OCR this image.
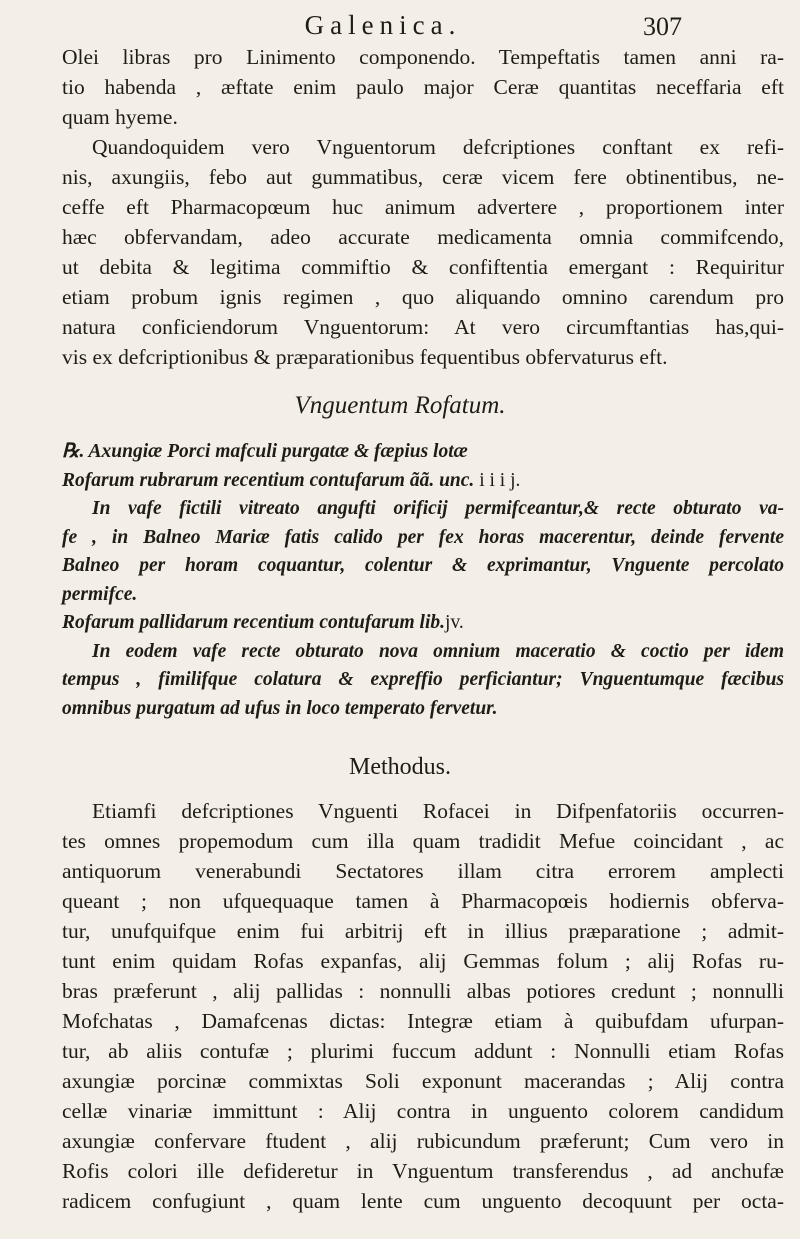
Galenica.	307
Olei libras pro Linimento componendo. Tempeftatis tamen anni ra-
tio habenda , æftate enim paulo major Ceræ quantitas neceffaria eft
quam hyeme.
Quandoquidem vero Vnguentorum defcriptiones conftant ex refi-
nis, axungiis, febo aut gummatibus, ceræ vicem fere obtinentibus, ne-
ceffe eft Pharmacopœum huc animum advertere , proportionem inter
hæc obfervandam, adeo accurate medicamenta omnia commifcendo,
ut debita & legitima commiftio & confiftentia emergant : Requiritur
etiam probum ignis regimen , quo aliquando omnino carendum pro
natura conficiendorum Vnguentorum: At vero circumftantias has,qui-
vis ex defcriptionibus & præparationibus fequentibus obfervaturus eft.
Vnguentum Rofatum.
℞. Axungiæ Porci mafculi purgatæ & fæpius lotæ
Rofarum rubrarum recentium contufarum ãã. unc. i i i j.
In vafe fictili vitreato angufti orificij permifceantur,& recte obturato va-
fe , in Balneo Mariæ fatis calido per fex horas macerentur, deinde fervente
Balneo per horam coquantur, colentur & exprimantur, Vnguente percolato
permifce.
Rofarum pallidarum recentium contufarum lib.jv.
In eodem vafe recte obturato nova omnium maceratio & coctio per idem
tempus , fimilifque colatura & expreffio perficiantur; Vnguentumque fæcibus
omnibus purgatum ad ufus in loco temperato fervetur.
Methodus.
Etiamfi defcriptiones Vnguenti Rofacei in Difpenfatoriis occurren-
tes omnes propemodum cum illa quam tradidit Mefue coincidant , ac
antiquorum venerabundi Sectatores illam citra errorem amplecti
queant ; non ufquequaque tamen à Pharmacopœis hodiernis obferva-
tur, unufquifque enim fui arbitrij eft in illius præparatione ; admit-
tunt enim quidam Rofas expanfas, alij Gemmas folum ; alij Rofas ru-
bras præferunt , alij pallidas : nonnulli albas potiores credunt ; nonnulli
Mofchatas , Damafcenas dictas: Integræ etiam à quibufdam ufurpan-
tur, ab aliis contufæ ; plurimi fuccum addunt : Nonnulli etiam Rofas
axungiæ porcinæ commixtas Soli exponunt macerandas ; Alij contra
cellæ vinariæ immittunt : Alij contra in unguento colorem candidum
axungiæ confervare ftudent , alij rubicundum præferunt; Cum vero in
Rofis colori ille defideretur in Vnguentum transferendus , ad anchufæ
radicem confugiunt , quam lente cum unguento decoquunt per octa-
